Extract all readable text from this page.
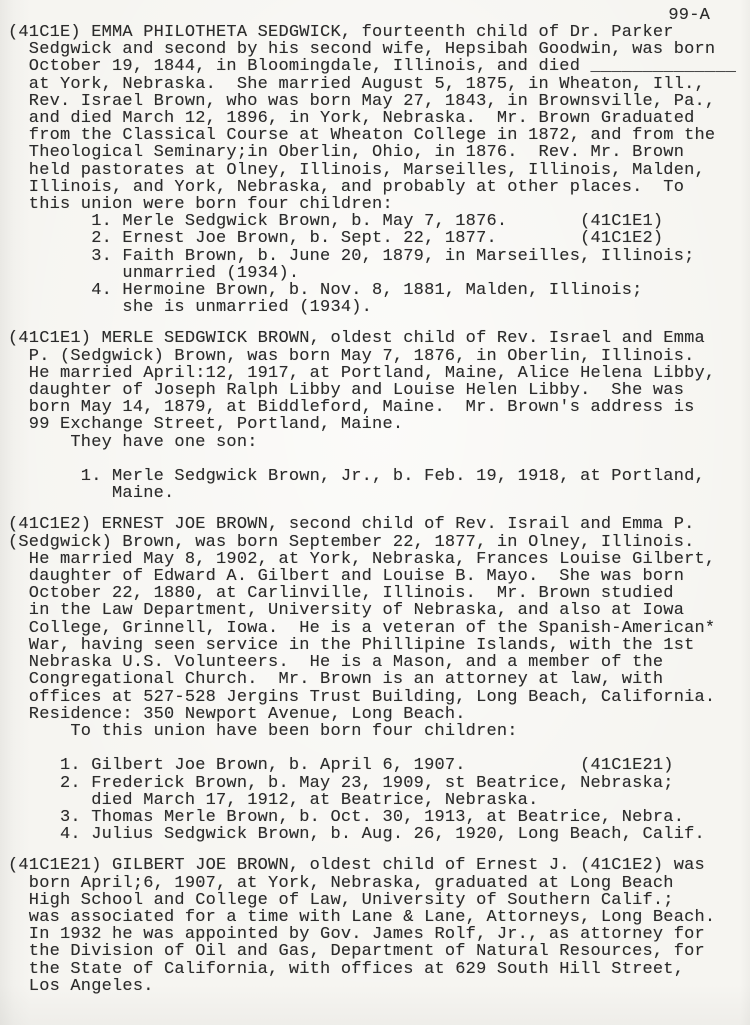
99-A
(41C1E) EMMA PHILOTHETA SEDGWICK, fourteenth child of Dr. Parker
Sedgwick and second by his second wife, Hepsibah Goodwin, was born
October 19, 1844, in Bloomingdale, Illinois, and died ______________
at York, Nebraska.  She married August 5, 1875, in Wheaton, Ill.,
Rev. Israel Brown, who was born May 27, 1843, in Brownsville, Pa.,
and died March 12, 1896, in York, Nebraska.  Mr. Brown Graduated
from the Classical Course at Wheaton College in 1872, and from the
Theological Seminary;in Oberlin, Ohio, in 1876.  Rev. Mr. Brown
held pastorates at Olney, Illinois, Marseilles, Illinois, Malden,
Illinois, and York, Nebraska, and probably at other places.  To
this union were born four children:
1. Merle Sedgwick Brown, b. May 7, 1876.       (41C1E1)
2. Ernest Joe Brown, b. Sept. 22, 1877.        (41C1E2)
3. Faith Brown, b. June 20, 1879, in Marseilles, Illinois;
unmarried (1934).
4. Hermoine Brown, b. Nov. 8, 1881, Malden, Illinois;
she is unmarried (1934).
(41C1E1) MERLE SEDGWICK BROWN, oldest child of Rev. Israel and Emma
P. (Sedgwick) Brown, was born May 7, 1876, in Oberlin, Illinois.
He married April:12, 1917, at Portland, Maine, Alice Helena Libby,
daughter of Joseph Ralph Libby and Louise Helen Libby.  She was
born May 14, 1879, at Biddleford, Maine.  Mr. Brown's address is
99 Exchange Street, Portland, Maine.
They have one son:
1. Merle Sedgwick Brown, Jr., b. Feb. 19, 1918, at Portland,
Maine.
(41C1E2) ERNEST JOE BROWN, second child of Rev. Israil and Emma P.
(Sedgwick) Brown, was born September 22, 1877, in Olney, Illinois.
He married May 8, 1902, at York, Nebraska, Frances Louise Gilbert,
daughter of Edward A. Gilbert and Louise B. Mayo.  She was born
October 22, 1880, at Carlinville, Illinois.  Mr. Brown studied
in the Law Department, University of Nebraska, and also at Iowa
College, Grinnell, Iowa.  He is a veteran of the Spanish-American*
War, having seen service in the Phillipine Islands, with the 1st
Nebraska U.S. Volunteers.  He is a Mason, and a member of the
Congregational Church.  Mr. Brown is an attorney at law, with
offices at 527-528 Jergins Trust Building, Long Beach, California.
Residence: 350 Newport Avenue, Long Beach.
To this union have been born four children:
1. Gilbert Joe Brown, b. April 6, 1907.           (41C1E21)
2. Frederick Brown, b. May 23, 1909, st Beatrice, Nebraska;
died March 17, 1912, at Beatrice, Nebraska.
3. Thomas Merle Brown, b. Oct. 30, 1913, at Beatrice, Nebra.
4. Julius Sedgwick Brown, b. Aug. 26, 1920, Long Beach, Calif.
(41C1E21) GILBERT JOE BROWN, oldest child of Ernest J. (41C1E2) was
born April;6, 1907, at York, Nebraska, graduated at Long Beach
High School and College of Law, University of Southern Calif.;
was associated for a time with Lane & Lane, Attorneys, Long Beach.
In 1932 he was appointed by Gov. James Rolf, Jr., as attorney for
the Division of Oil and Gas, Department of Natural Resources, for
the State of California, with offices at 629 South Hill Street,
Los Angeles.
